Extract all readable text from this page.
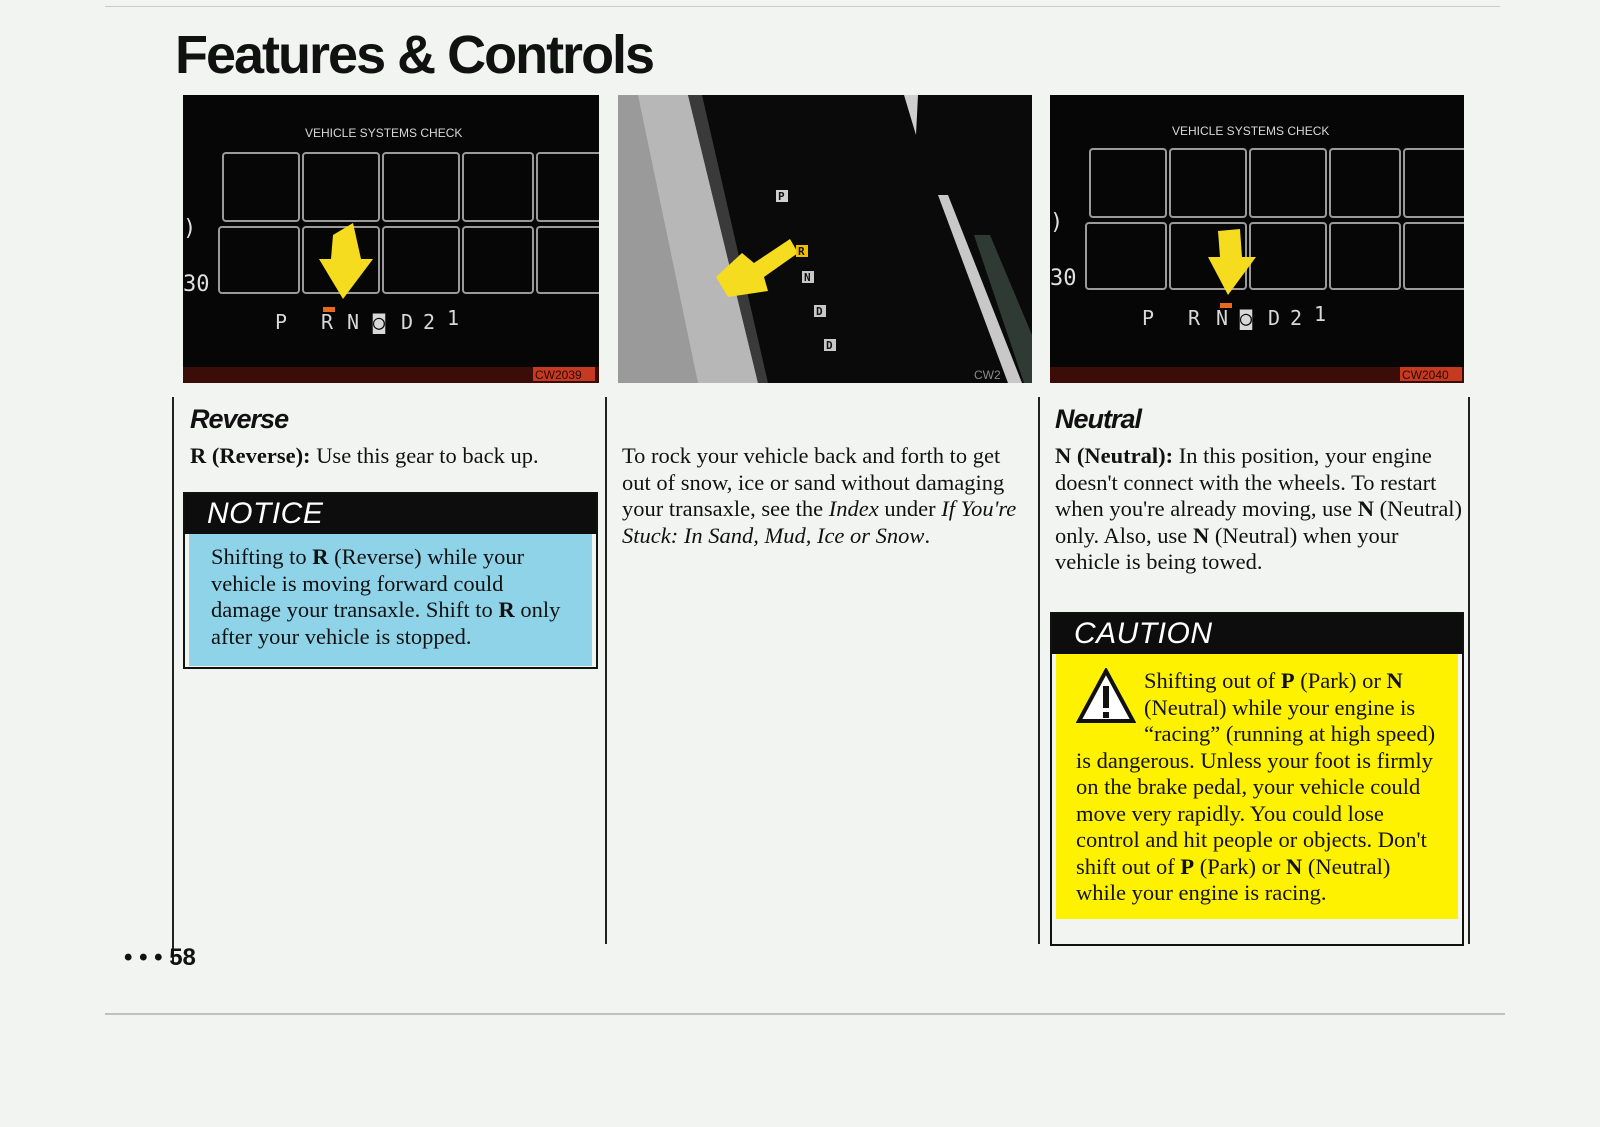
Features & Controls
VEHICLE SYSTEMS CHECK
)
30
P R N ◙ D 2 1
CW2039
P
R
N
D
D
CW2
VEHICLE SYSTEMS CHECK
)
30
P R N ◙ D 2 1
CW2040
Reverse
R (Reverse): Use this gear to back up.
NOTICE
Shifting to R (Reverse) while your vehicle is moving forward could damage your transaxle. Shift to R only after your vehicle is stopped.
To rock your vehicle back and forth to get out of snow, ice or sand without damaging your transaxle, see the Index under If You're Stuck: In Sand, Mud, Ice or Snow.
Neutral
N (Neutral): In this position, your engine doesn't connect with the wheels. To restart when you're already moving, use N (Neutral) only. Also, use N (Neutral) when your vehicle is being towed.
CAUTION
Shifting out of P (Park) or N (Neutral) while your engine is “racing” (running at high speed) is dangerous. Unless your foot is firmly on the brake pedal, your vehicle could move very rapidly. You could lose control and hit people or objects. Don't shift out of P (Park) or N (Neutral) while your engine is racing.
• • • 58
